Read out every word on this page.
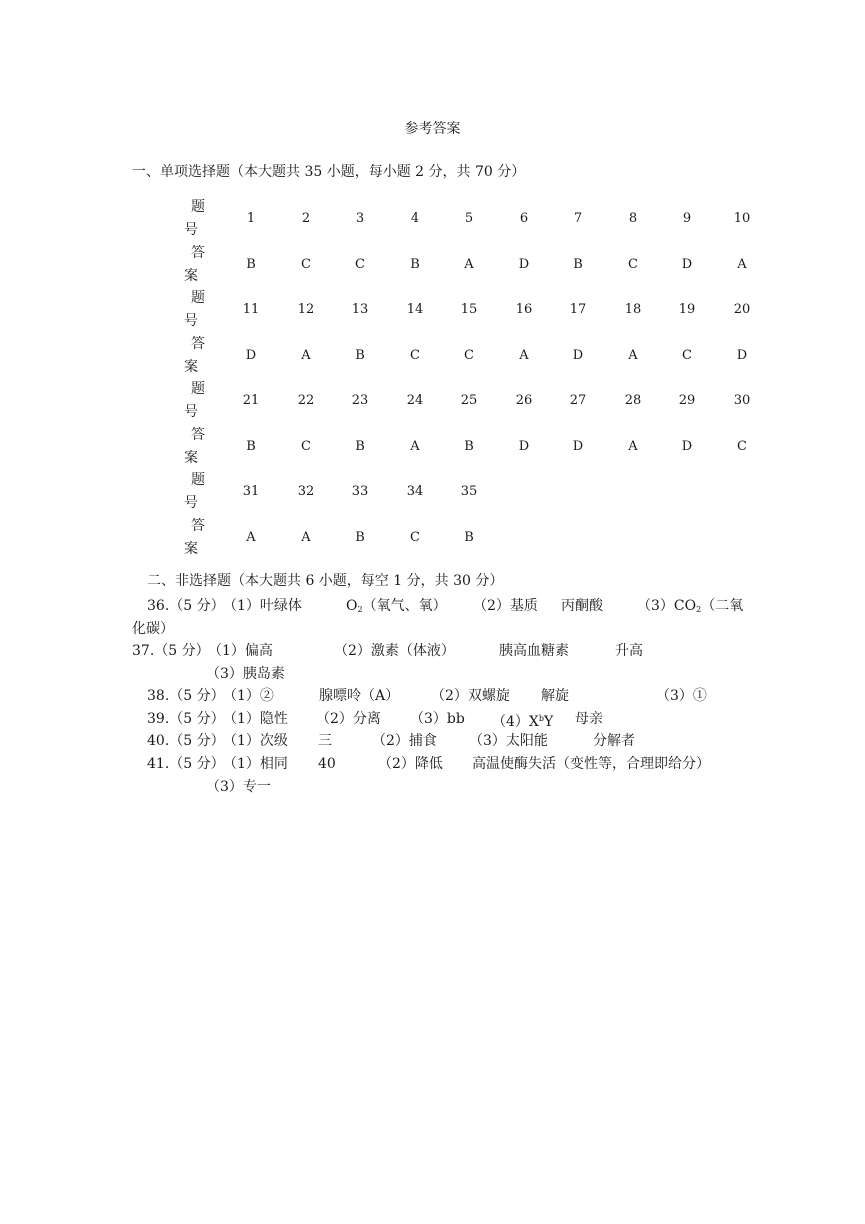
参考答案
一、单项选择题（本大题共 35 小题，每小题 2 分，共 70 分）
题
号
1	2	3	4	5	6	7	8	9	10
答
案
B	C	C	B	A	D	B	C	D	A
题
号
11	12	13	14	15	16	17	18	19	20
答
案
D	A	B	C	C	A	D	A	C	D
题
号
21	22	23	24	25	26	27	28	29	30
答
案
B	C	B	A	B	D	D	A	D	C
题
号
31	32	33	34	35
答
案
A	A	B	C	B
二、非选择题（本大题共 6 小题，每空 1 分，共 30 分）
36.（5 分）
（1）叶绿体	$O_2$（氧气、氧） （2）基质 丙酮酸 $(3)CO_2$（二氧
化碳）
37.（5 分）
（1）偏高	（2）激素（体液）	胰高血糖素	升高
（3）胰岛素
38.（5 分）
（1）②	腺嘌呤（A） （2）双螺旋 解旋	（3）①
39.（5 分）
（1）隐性 （2）分离 （3）bb $(4)X^bY$ 母亲
40.（5 分）
（1）次级 三	（2）捕食 （3）太阳能	分解者
41.（5 分）
（1）相同 40	（2）降低 高温使酶失活（变性等，合理即给分）
（3）专一
